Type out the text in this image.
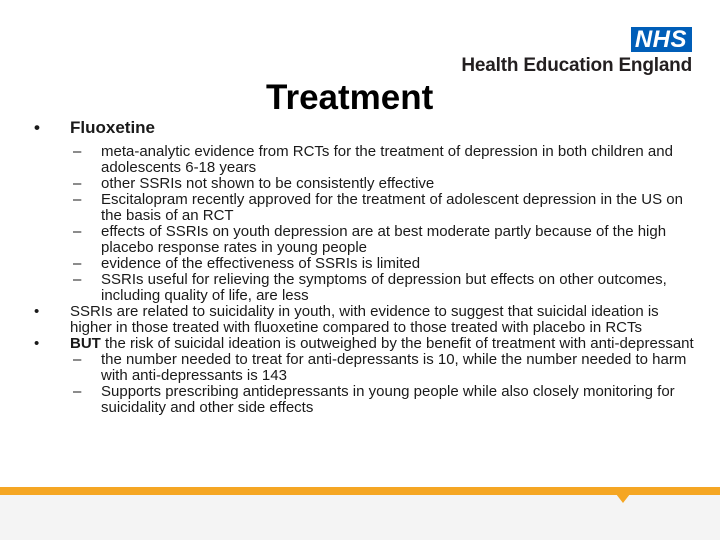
NHS
Health Education England
Treatment
• Fluoxetine
– meta-analytic evidence from RCTs for the treatment of depression in both children and adolescents 6-18 years
– other SSRIs not shown to be consistently effective
– Escitalopram recently approved for the treatment of adolescent depression in the US on the basis of an RCT
– effects of SSRIs on youth depression are at best moderate partly because of the high placebo response rates in young people
– evidence of the effectiveness of SSRIs is limited
– SSRIs useful for relieving the symptoms of depression but effects on other outcomes, including quality of life, are less
• SSRIs are related to suicidality in youth, with evidence to suggest that suicidal ideation is higher in those treated with fluoxetine compared to those treated with placebo in RCTs
• BUT the risk of suicidal ideation is outweighed by the benefit of treatment with anti-depressant
– the number needed to treat for anti-depressants is 10, while the number needed to harm with anti-depressants is 143
– Supports prescribing antidepressants in young people while also closely monitoring for suicidality and other side effects
